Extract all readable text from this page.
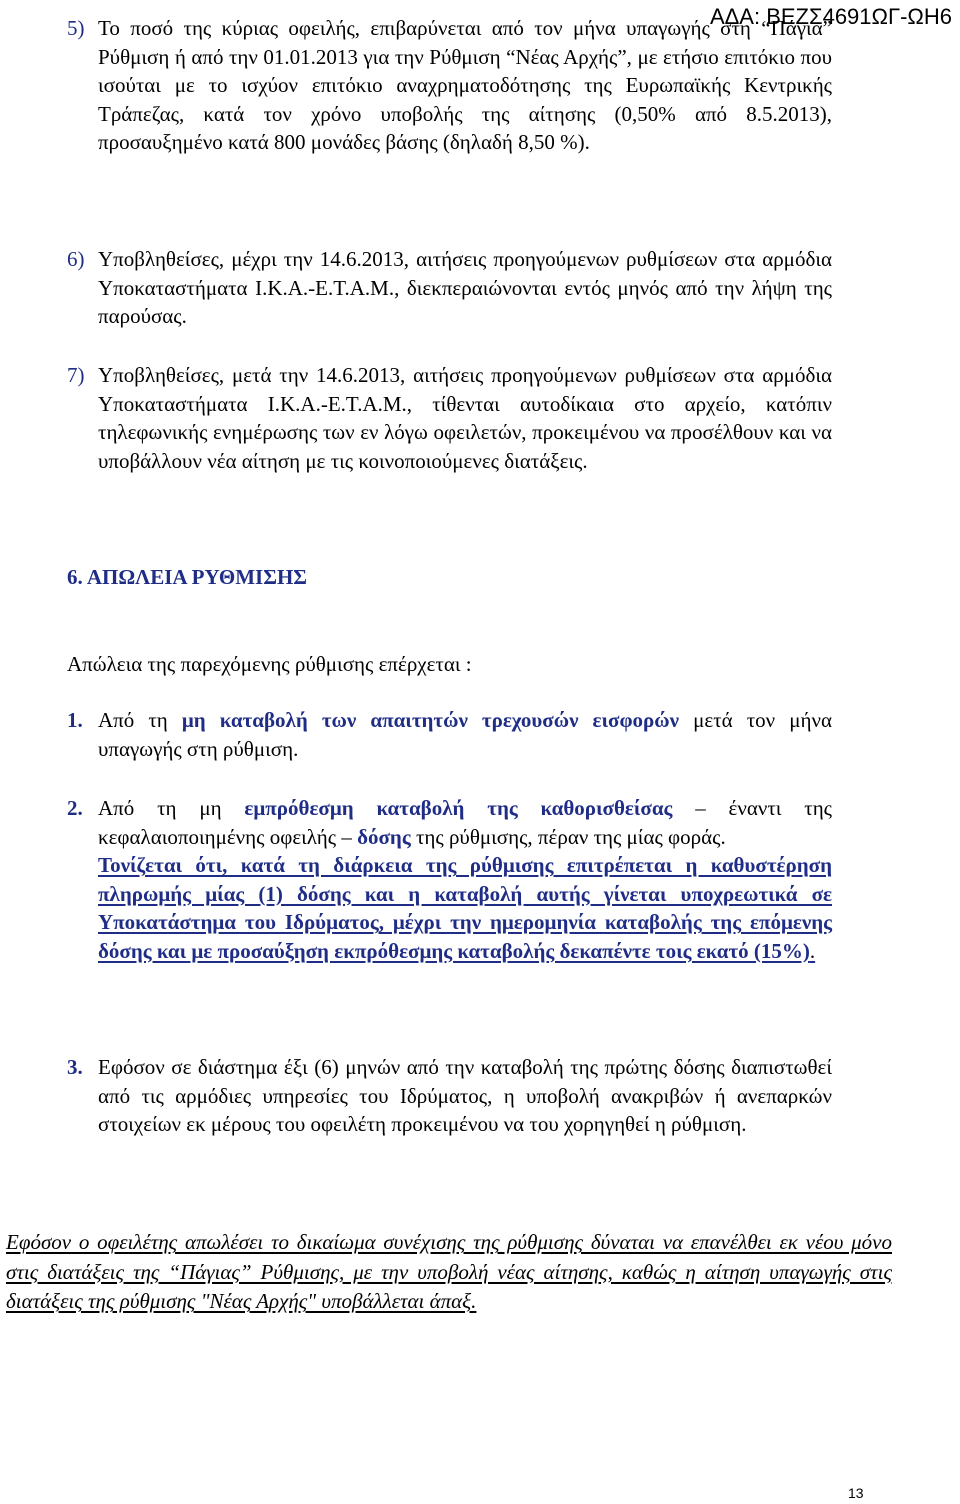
ΑΔΑ: ΒΕΖΣ4691ΩΓ-ΩΗ6
5) Το ποσό της κύριας οφειλής, επιβαρύνεται από τον μήνα υπαγωγής στη “Πάγια” Ρύθμιση ή από την 01.01.2013 για την Ρύθμιση “Νέας Αρχής”, με ετήσιο επιτόκιο που ισούται με το ισχύον επιτόκιο αναχρηματοδότησης της Ευρωπαϊκής Κεντρικής Τράπεζας, κατά τον χρόνο υποβολής της αίτησης (0,50% από 8.5.2013), προσαυξημένο κατά 800 μονάδες βάσης (δηλαδή 8,50 %).
6) Υποβληθείσες, μέχρι την 14.6.2013, αιτήσεις προηγούμενων ρυθμίσεων στα αρμόδια Υποκαταστήματα Ι.Κ.Α.-Ε.Τ.Α.Μ., διεκπεραιώνονται εντός μηνός από την λήψη της παρούσας.
7) Υποβληθείσες, μετά την 14.6.2013, αιτήσεις προηγούμενων ρυθμίσεων στα αρμόδια Υποκαταστήματα Ι.Κ.Α.-Ε.Τ.Α.Μ., τίθενται αυτοδίκαια στο αρχείο, κατόπιν τηλεφωνικής ενημέρωσης των εν λόγω οφειλετών, προκειμένου να προσέλθουν και να υποβάλλουν νέα αίτηση με τις κοινοποιούμενες διατάξεις.
6. ΑΠΩΛΕΙΑ ΡΥΘΜΙΣΗΣ
Απώλεια της παρεχόμενης ρύθμισης επέρχεται :
1. Από τη μη καταβολή των απαιτητών τρεχουσών εισφορών μετά τον μήνα υπαγωγής στη ρύθμιση.
2. Από τη μη εμπρόθεσμη καταβολή της καθορισθείσας – έναντι της κεφαλαιοποιημένης οφειλής – δόσης της ρύθμισης, πέραν της μίας φοράς.
Τονίζεται ότι, κατά τη διάρκεια της ρύθμισης επιτρέπεται η καθυστέρηση πληρωμής μίας (1) δόσης και η καταβολή αυτής γίνεται υποχρεωτικά σε Υποκατάστημα του Ιδρύματος, μέχρι την ημερομηνία καταβολής της επόμενης δόσης και με προσαύξηση εκπρόθεσμης καταβολής δεκαπέντε τοις εκατό (15%).
3. Εφόσον σε διάστημα έξι (6) μηνών από την καταβολή της πρώτης δόσης διαπιστωθεί από τις αρμόδιες υπηρεσίες του Ιδρύματος, η υποβολή ανακριβών ή ανεπαρκών στοιχείων εκ μέρους του οφειλέτη προκειμένου να του χορηγηθεί η ρύθμιση.
Εφόσον ο οφειλέτης απωλέσει το δικαίωμα συνέχισης της ρύθμισης δύναται να επανέλθει εκ νέου μόνο στις διατάξεις της “Πάγιας” Ρύθμισης, με την υποβολή νέας αίτησης, καθώς η αίτηση υπαγωγής στις διατάξεις της ρύθμισης "Νέας Αρχής" υποβάλλεται άπαξ.
13
